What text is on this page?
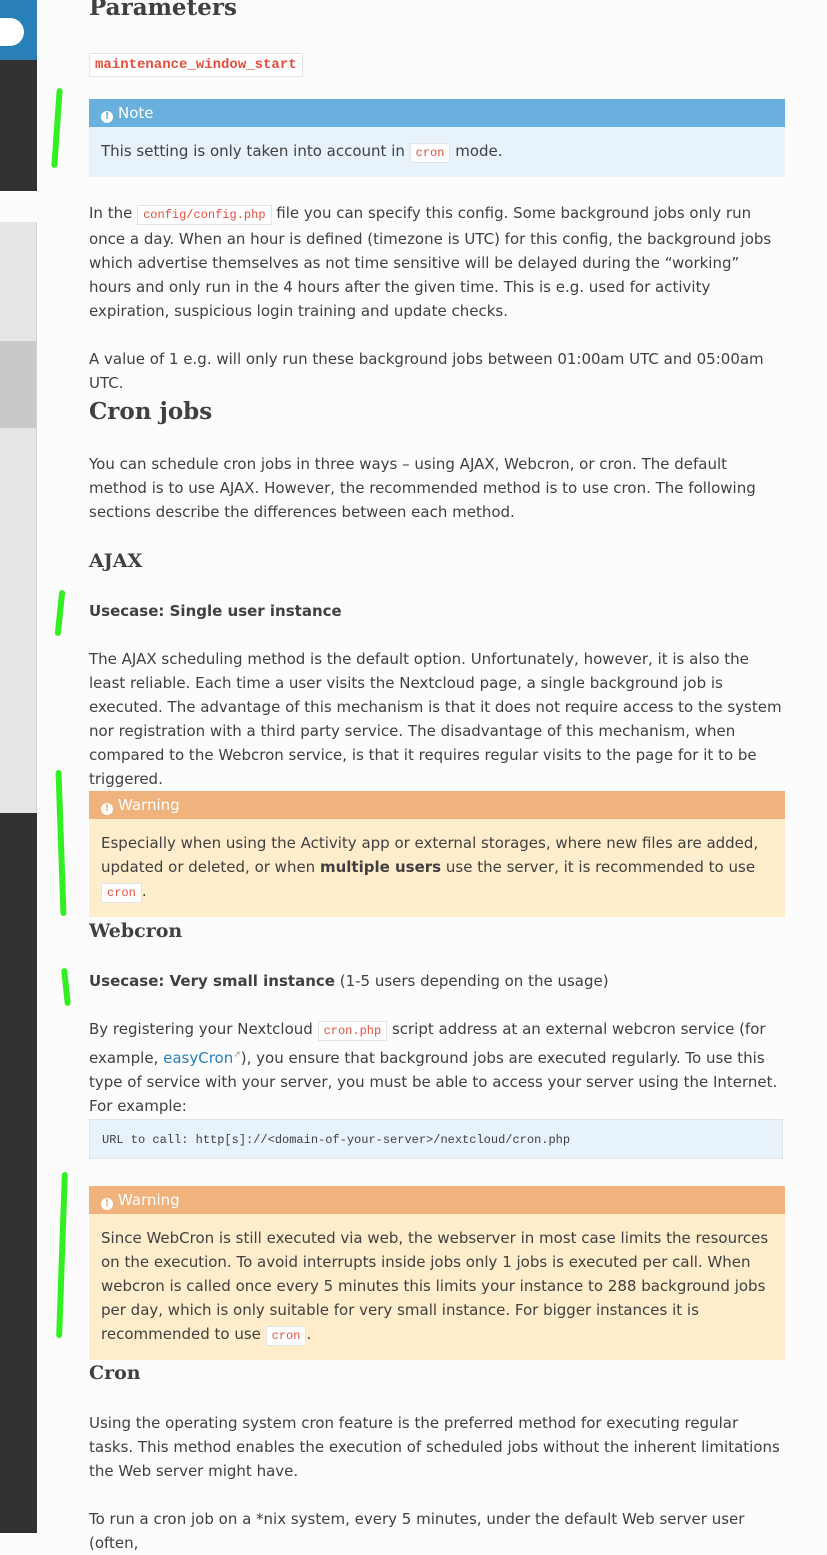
Parameters
maintenance_window_start
! Note
This setting is only taken into account in cron mode.

In the config/config.php file you can specify this config. Some background jobs only run once a day. When an hour is defined (timezone is UTC) for this config, the background jobs which advertise themselves as not time sensitive will be delayed during the “working” hours and only run in the 4 hours after the given time. This is e.g. used for activity expiration, suspicious login training and update checks.

A value of 1 e.g. will only run these background jobs between 01:00am UTC and 05:00am UTC.

Cron jobs

You can schedule cron jobs in three ways – using AJAX, Webcron, or cron. The default method is to use AJAX. However, the recommended method is to use cron. The following sections describe the differences between each method.

AJAX

Usecase: Single user instance

The AJAX scheduling method is the default option. Unfortunately, however, it is also the least reliable. Each time a user visits the Nextcloud page, a single background job is executed. The advantage of this mechanism is that it does not require access to the system nor registration with a third party service. The disadvantage of this mechanism, when compared to the Webcron service, is that it requires regular visits to the page for it to be triggered.

! Warning
Especially when using the Activity app or external storages, where new files are added, updated or deleted, or when multiple users use the server, it is recommended to use cron .
Webcron

Usecase: Very small instance (1-5 users depending on the usage)

By registering your Nextcloud cron.php script address at an external webcron service (for example, easyCron↗), you ensure that background jobs are executed regularly. To use this type of service with your server, you must be able to access your server using the Internet. For example:

URL to call: http[s]://<domain-of-your-server>/nextcloud/cron.php
! Warning
Since WebCron is still executed via web, the webserver in most case limits the resources on the execution. To avoid interrupts inside jobs only 1 jobs is executed per call. When webcron is called once every 5 minutes this limits your instance to 288 background jobs per day, which is only suitable for very small instance. For bigger instances it is recommended to use cron .
Cron

Using the operating system cron feature is the preferred method for executing regular tasks. This method enables the execution of scheduled jobs without the inherent limitations the Web server might have.

To run a cron job on a *nix system, every 5 minutes, under the default Web server user (often,
